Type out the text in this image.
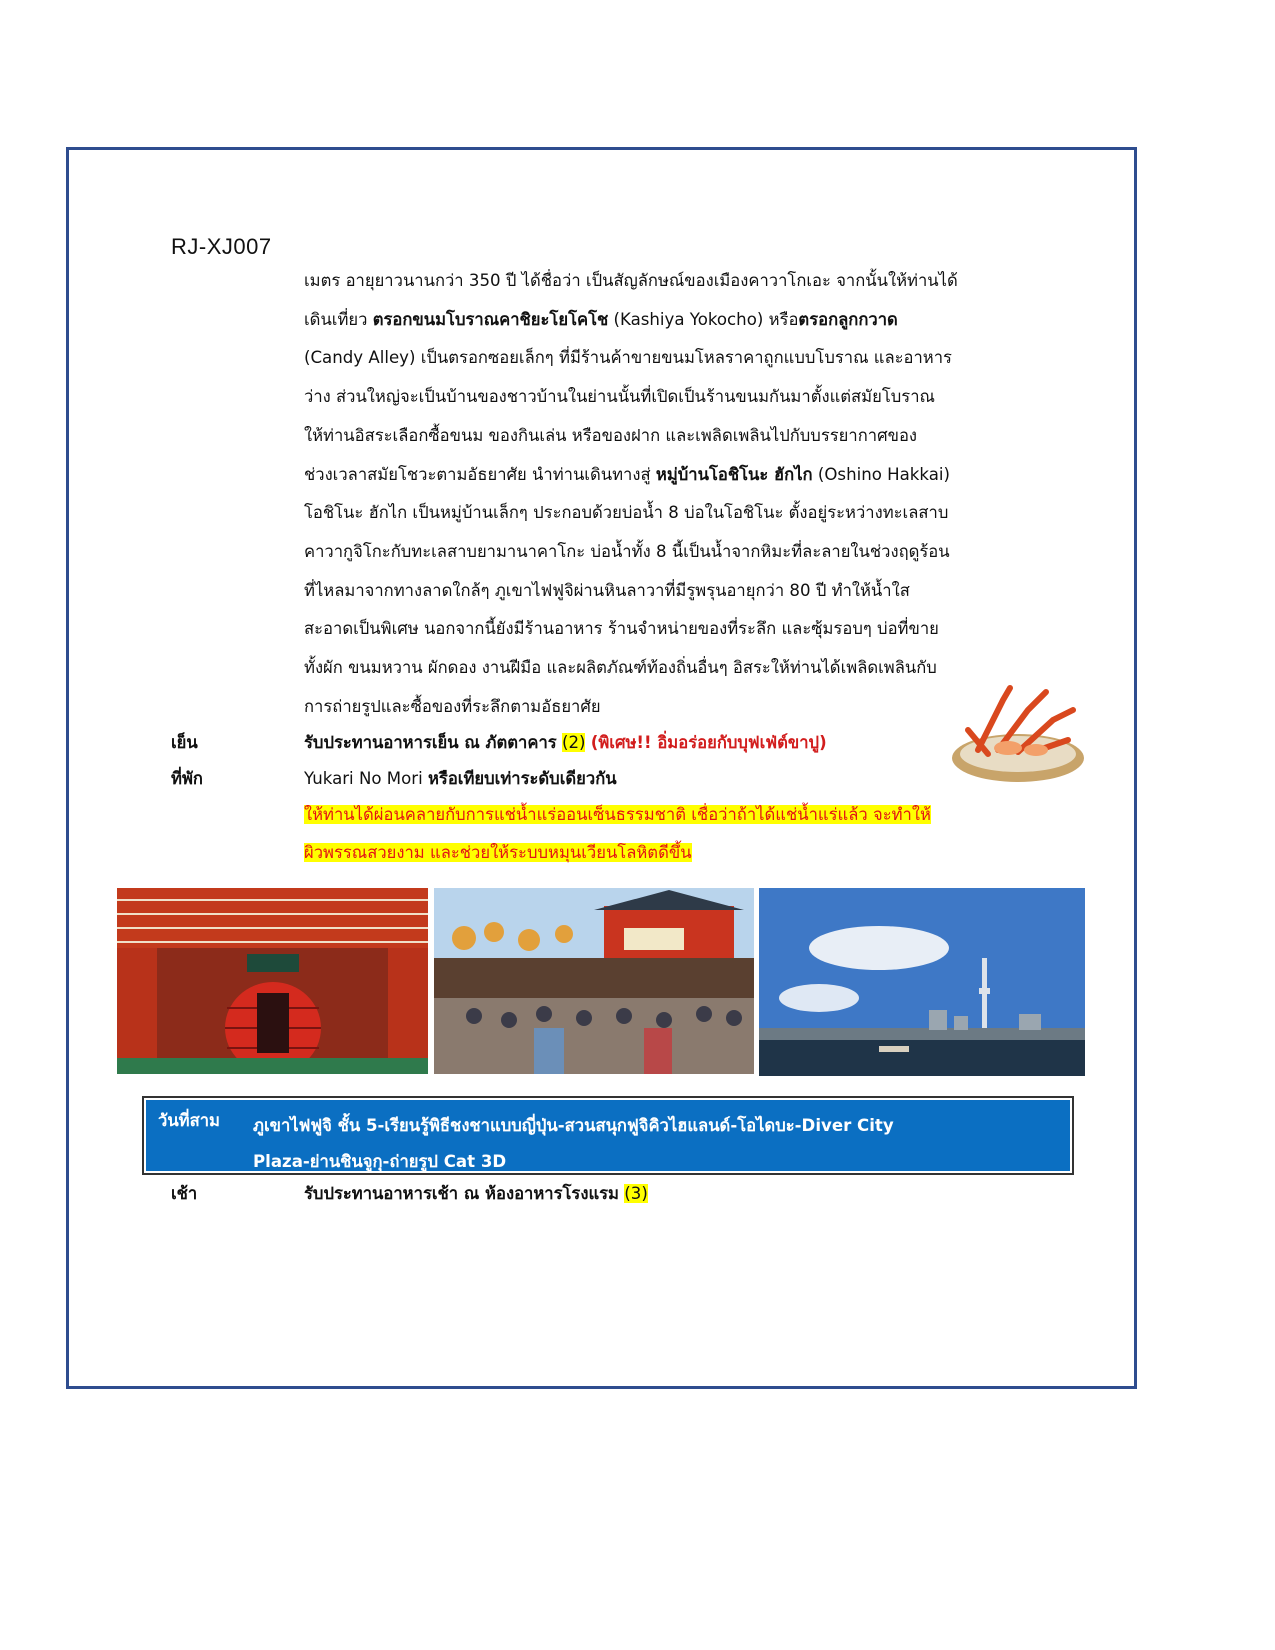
RJ-XJ007
เมตร อายุยาวนานกว่า 350 ปี ได้ชื่อว่า เป็นสัญลักษณ์ของเมืองคาวาโกเอะ จากนั้นให้ท่านได้
เดินเที่ยว ตรอกขนมโบราณคาชิยะโยโคโช (Kashiya Yokocho) หรือตรอกลูกกวาด
(Candy Alley) เป็นตรอกซอยเล็กๆ ที่มีร้านค้าขายขนมโหลราคาถูกแบบโบราณ และอาหาร
ว่าง ส่วนใหญ่จะเป็นบ้านของชาวบ้านในย่านนั้นที่เปิดเป็นร้านขนมกันมาตั้งแต่สมัยโบราณ
ให้ท่านอิสระเลือกซื้อขนม ของกินเล่น หรือของฝาก และเพลิดเพลินไปกับบรรยากาศของ
ช่วงเวลาสมัยโชวะตามอัธยาศัย นำท่านเดินทางสู่ หมู่บ้านโอชิโนะ ฮักไก (Oshino Hakkai)
โอชิโนะ ฮักไก เป็นหมู่บ้านเล็กๆ ประกอบด้วยบ่อน้ำ 8 บ่อในโอชิโนะ ตั้งอยู่ระหว่างทะเลสาบ
คาวากูจิโกะกับทะเลสาบยามานาคาโกะ บ่อน้ำทั้ง 8 นี้เป็นน้ำจากหิมะที่ละลายในช่วงฤดูร้อน
ที่ไหลมาจากทางลาดใกล้ๆ ภูเขาไฟฟูจิผ่านหินลาวาที่มีรูพรุนอายุกว่า 80 ปี ทำให้น้ำใส
สะอาดเป็นพิเศษ นอกจากนี้ยังมีร้านอาหาร ร้านจำหน่ายของที่ระลึก และซุ้มรอบๆ บ่อที่ขาย
ทั้งผัก ขนมหวาน ผักดอง งานฝีมือ และผลิตภัณฑ์ท้องถิ่นอื่นๆ อิสระให้ท่านได้เพลิดเพลินกับ
การถ่ายรูปและซื้อของที่ระลึกตามอัธยาศัย
เย็น	รับประทานอาหารเย็น ณ ภัตตาคาร (2) (พิเศษ!! อิ่มอร่อยกับบุฟเฟ่ต์ขาปู)
ที่พัก	Yukari No Mori หรือเทียบเท่าระดับเดียวกัน
ให้ท่านได้ผ่อนคลายกับการแช่น้ำแร่ออนเซ็นธรรมชาติ เชื่อว่าถ้าได้แช่น้ำแร่แล้ว จะทำให้
ผิวพรรณสวยงาม และช่วยให้ระบบหมุนเวียนโลหิตดีขึ้น
วันที่สาม ภูเขาไฟฟูจิ ชั้น 5-เรียนรู้พิธีชงชาแบบญี่ปุ่น-สวนสนุกฟูจิคิวไฮแลนด์-โอไดบะ-Diver City
Plaza-ย่านชินจูกุ-ถ่ายรูป Cat 3D
เช้า	รับประทานอาหารเช้า ณ ห้องอาหารโรงแรม (3)
